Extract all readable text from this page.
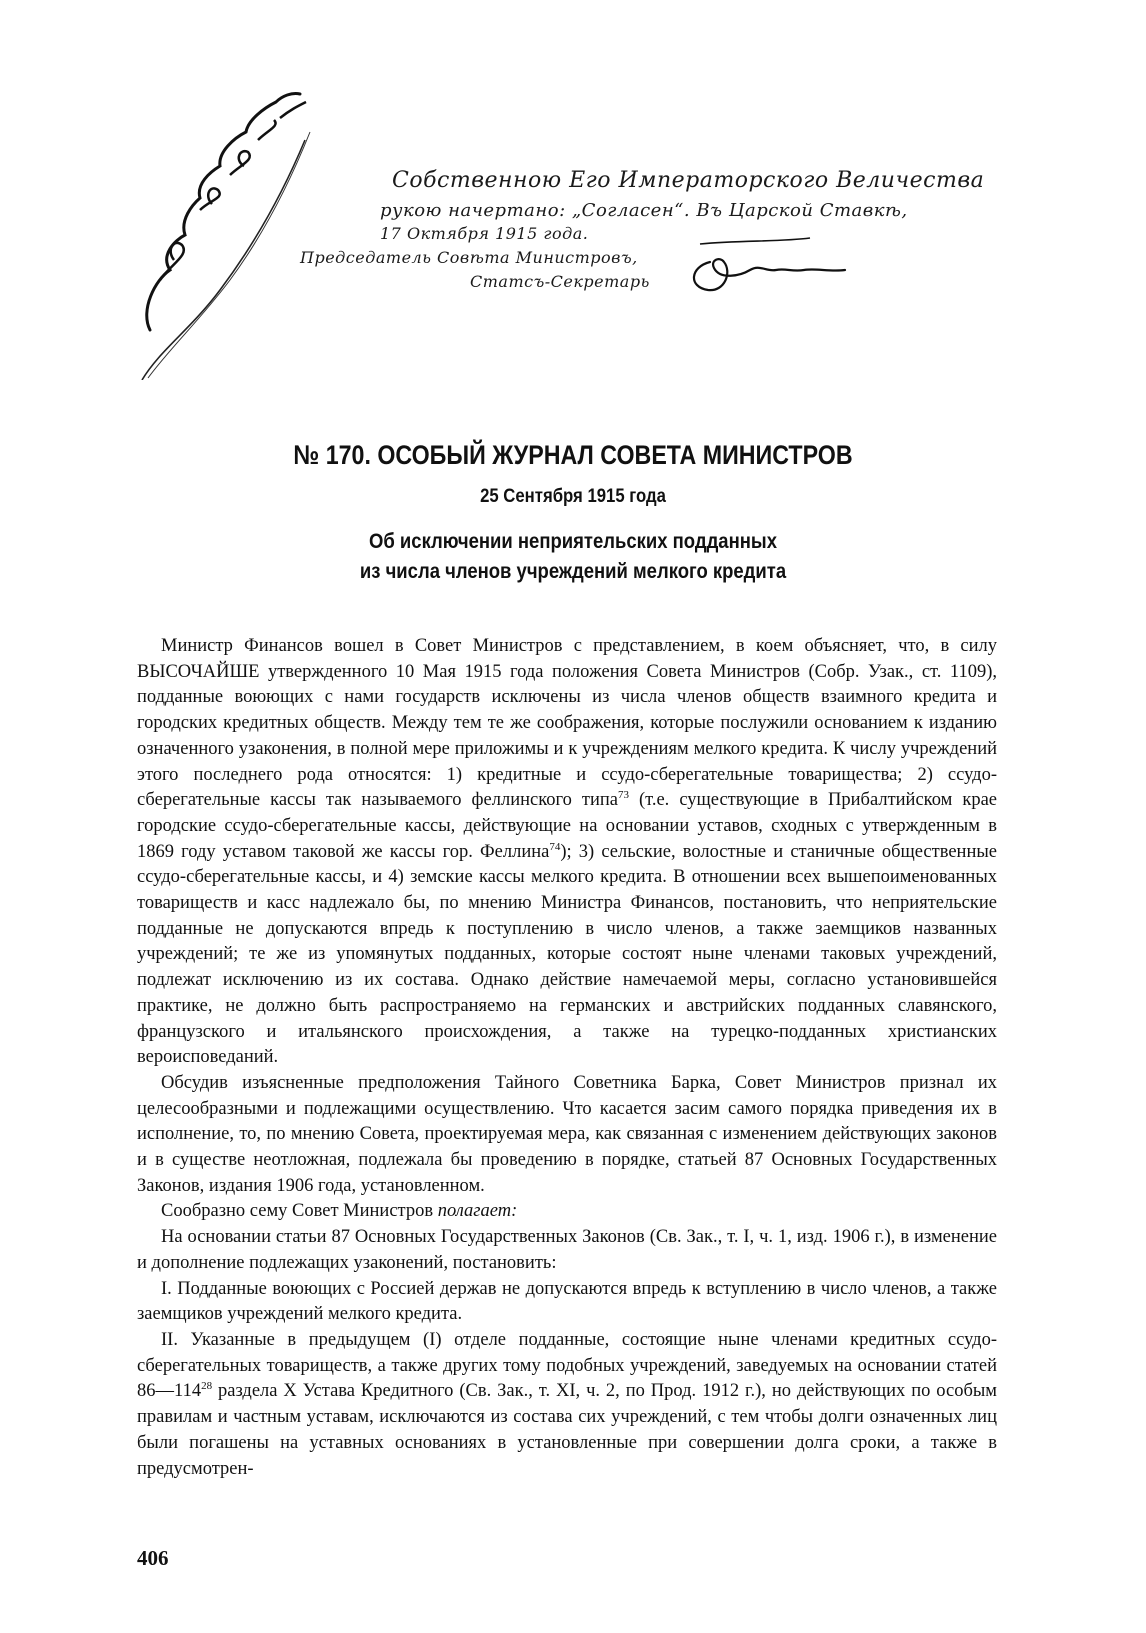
Собственною Его Императорского Величества
рукою начертано: „Согласен“. Въ Царской Ставкѣ,
17 Октября 1915 года.
Председатель Совѣта Министровъ,
Статсъ-Секретарь
№ 170. ОСОБЫЙ ЖУРНАЛ СОВЕТА МИНИСТРОВ
25 Сентября 1915 года
Об исключении неприятельских подданных
из числа членов учреждений мелкого кредита

Министр Финансов вошел в Совет Министров с представлением, в коем объясняет, что, в силу ВЫСОЧАЙШЕ утвержденного 10 Мая 1915 года положения Совета Министров (Собр. Узак., ст. 1109), подданные воюющих с нами государств исключены из числа членов обществ взаимного кредита и городских кредитных обществ. Между тем те же соображения, которые послужили основанием к изданию означенного узаконения, в полной мере приложимы и к учреждениям мелкого кредита. К числу учреждений этого последнего рода относятся: 1) кредитные и ссудо-сберегательные товарищества; 2) ссудо-сберегательные кассы так называемого феллинского типа$^{73}$ (т.е. существующие в Прибалтийском крае городские ссудо-сберегательные кассы, действующие на основании уставов, сходных с утвержденным в 1869 году уставом таковой же кассы гор. Феллина$^{74}$); 3) сельские, волостные и станичные общественные ссудо-сберегательные кассы, и 4) земские кассы мелкого кредита. В отношении всех вышепоименованных товариществ и касс надлежало бы, по мнению Министра Финансов, постановить, что неприятельские подданные не допускаются впредь к поступлению в число членов, а также заемщиков названных учреждений; те же из упомянутых подданных, которые состоят ныне членами таковых учреждений, подлежат исключению из их состава. Однако действие намечаемой меры, согласно установившейся практике, не должно быть распространяемо на германских и австрийских подданных славянского, французского и итальянского происхождения, а также на турецко-подданных христианских вероисповеданий.

Обсудив изъясненные предположения Тайного Советника Барка, Совет Министров признал их целесообразными и подлежащими осуществлению. Что касается засим самого порядка приведения их в исполнение, то, по мнению Совета, проектируемая мера, как связанная с изменением действующих законов и в существе неотложная, подлежала бы проведению в порядке, статьей 87 Основных Государственных Законов, издания 1906 года, установленном.

Сообразно сему Совет Министров полагает:

На основании статьи 87 Основных Государственных Законов (Св. Зак., т. I, ч. 1, изд. 1906 г.), в изменение и дополнение подлежащих узаконений, постановить:

I. Подданные воюющих с Россией держав не допускаются впредь к вступлению в число членов, а также заемщиков учреждений мелкого кредита.

II. Указанные в предыдущем (I) отделе подданные, состоящие ныне членами кредитных ссудо-сберегательных товариществ, а также других тому подобных учреждений, заведуемых на основании статей $86—114^{28}$ раздела X Устава Кредитного (Св. Зак., т. XI, ч. 2, по Прод. 1912 г.), но действующих по особым правилам и частным уставам, исключаются из состава сих учреждений, с тем чтобы долги означенных лиц были погашены на уставных основаниях в установленные при совершении долга сроки, а также в предусмотрен-

406
